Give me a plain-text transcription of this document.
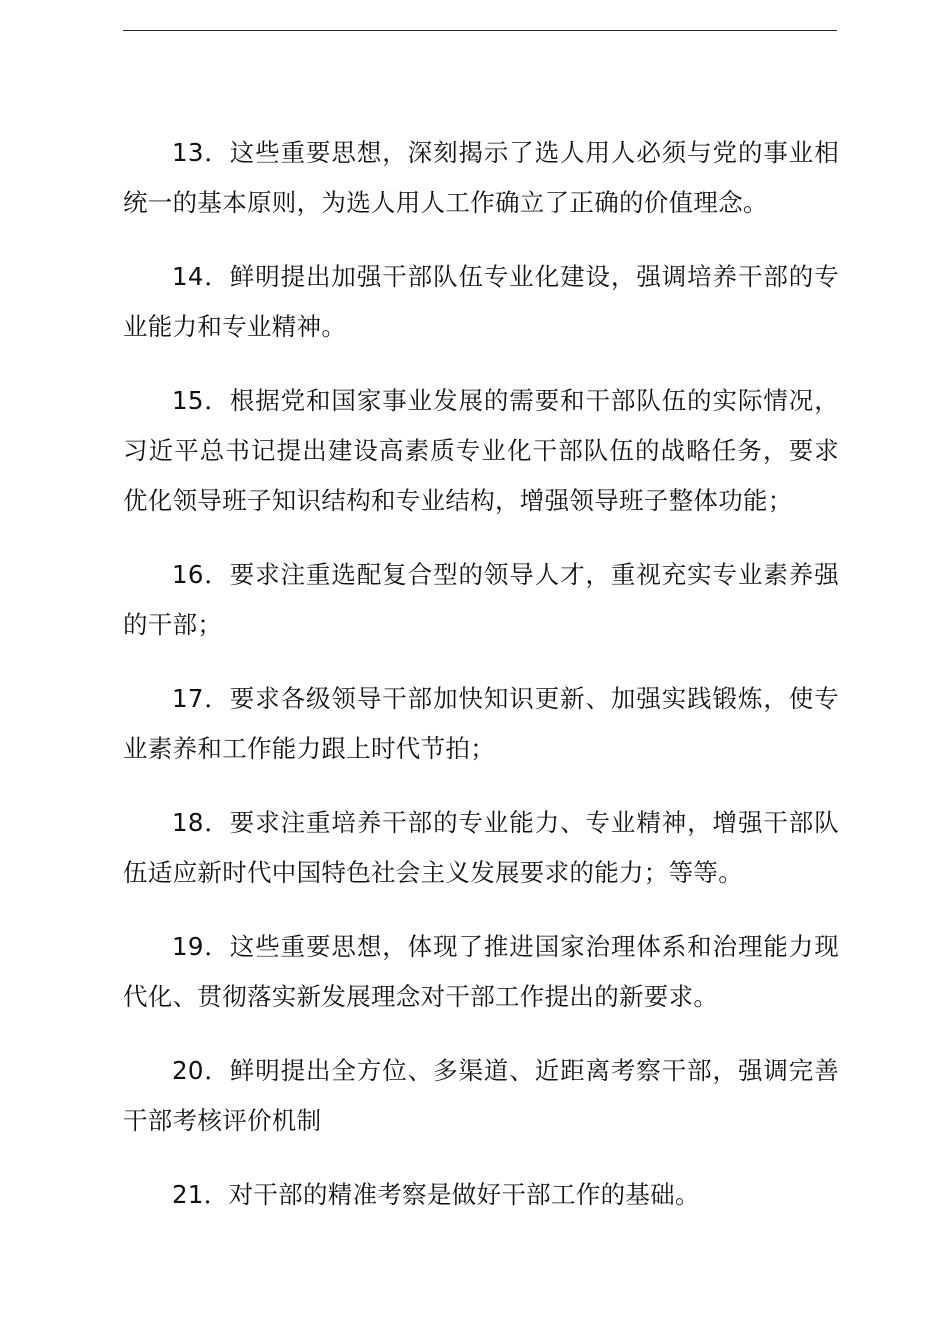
13．这些重要思想，深刻揭示了选人用人必须与党的事业相统一的基本原则，为选人用人工作确立了正确的价值理念。

14．鲜明提出加强干部队伍专业化建设，强调培养干部的专业能力和专业精神。

15．根据党和国家事业发展的需要和干部队伍的实际情况，习近平总书记提出建设高素质专业化干部队伍的战略任务，要求优化领导班子知识结构和专业结构，增强领导班子整体功能；

16．要求注重选配复合型的领导人才，重视充实专业素养强的干部；

17．要求各级领导干部加快知识更新、加强实践锻炼，使专业素养和工作能力跟上时代节拍；

18．要求注重培养干部的专业能力、专业精神，增强干部队伍适应新时代中国特色社会主义发展要求的能力；等等。

19．这些重要思想，体现了推进国家治理体系和治理能力现代化、贯彻落实新发展理念对干部工作提出的新要求。

20．鲜明提出全方位、多渠道、近距离考察干部，强调完善干部考核评价机制

21．对干部的精准考察是做好干部工作的基础。
